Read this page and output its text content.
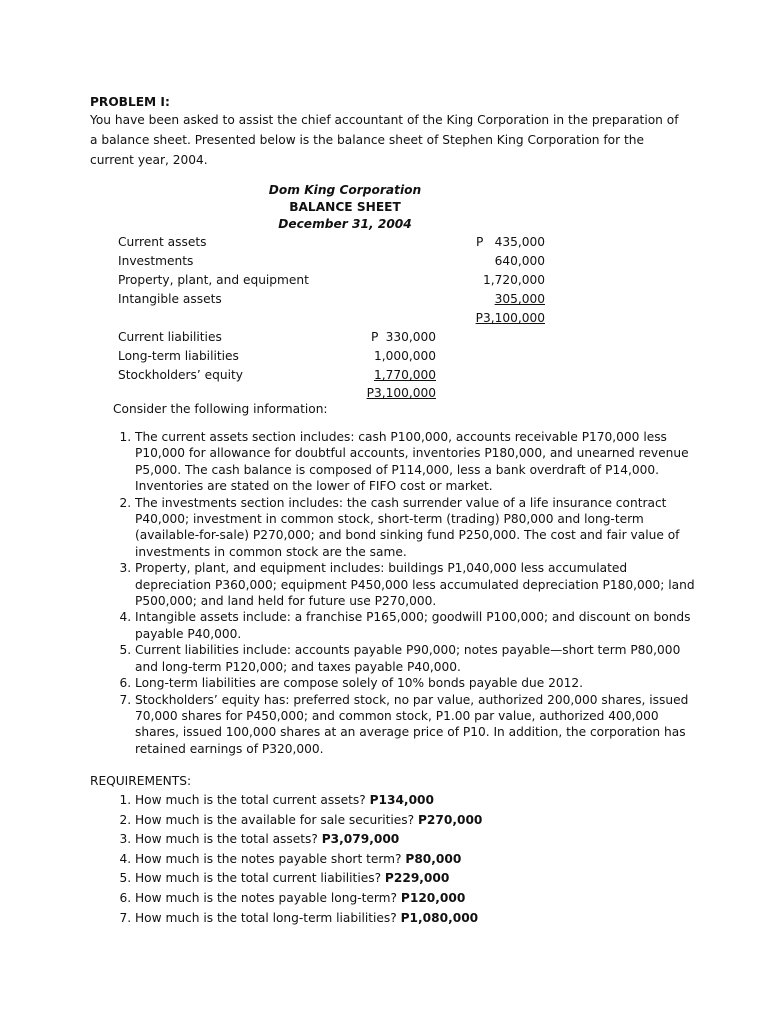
PROBLEM I:
You have been asked to assist the chief accountant of the King Corporation in the preparation of a balance sheet. Presented below is the balance sheet of Stephen King Corporation for the current year, 2004.
Dom King Corporation
BALANCE SHEET
December 31, 2004
Current assets	P 435,000
Investments	640,000
Property, plant, and equipment	1,720,000
Intangible assets	305,000
P3,100,000
Current liabilities	P 330,000
Long-term liabilities	1,000,000
Stockholders’ equity	1,770,000
P3,100,000
Consider the following information:
1. The current assets section includes: cash P100,000, accounts receivable P170,000 less P10,000 for allowance for doubtful accounts, inventories P180,000, and unearned revenue P5,000. The cash balance is composed of P114,000, less a bank overdraft of P14,000. Inventories are stated on the lower of FIFO cost or market.
2. The investments section includes: the cash surrender value of a life insurance contract P40,000; investment in common stock, short-term (trading) P80,000 and long-term (available-for-sale) P270,000; and bond sinking fund P250,000. The cost and fair value of investments in common stock are the same.
3. Property, plant, and equipment includes: buildings P1,040,000 less accumulated depreciation P360,000; equipment P450,000 less accumulated depreciation P180,000; land P500,000; and land held for future use P270,000.
4. Intangible assets include: a franchise P165,000; goodwill P100,000; and discount on bonds payable P40,000.
5. Current liabilities include: accounts payable P90,000; notes payable—short term P80,000 and long-term P120,000; and taxes payable P40,000.
6. Long-term liabilities are compose solely of 10% bonds payable due 2012.
7. Stockholders’ equity has: preferred stock, no par value, authorized 200,000 shares, issued 70,000 shares for P450,000; and common stock, P1.00 par value, authorized 400,000 shares, issued 100,000 shares at an average price of P10. In addition, the corporation has retained earnings of P320,000.
REQUIREMENTS:
1. How much is the total current assets? P134,000
2. How much is the available for sale securities? P270,000
3. How much is the total assets? P3,079,000
4. How much is the notes payable short term? P80,000
5. How much is the total current liabilities? P229,000
6. How much is the notes payable long-term? P120,000
7. How much is the total long-term liabilities? P1,080,000
